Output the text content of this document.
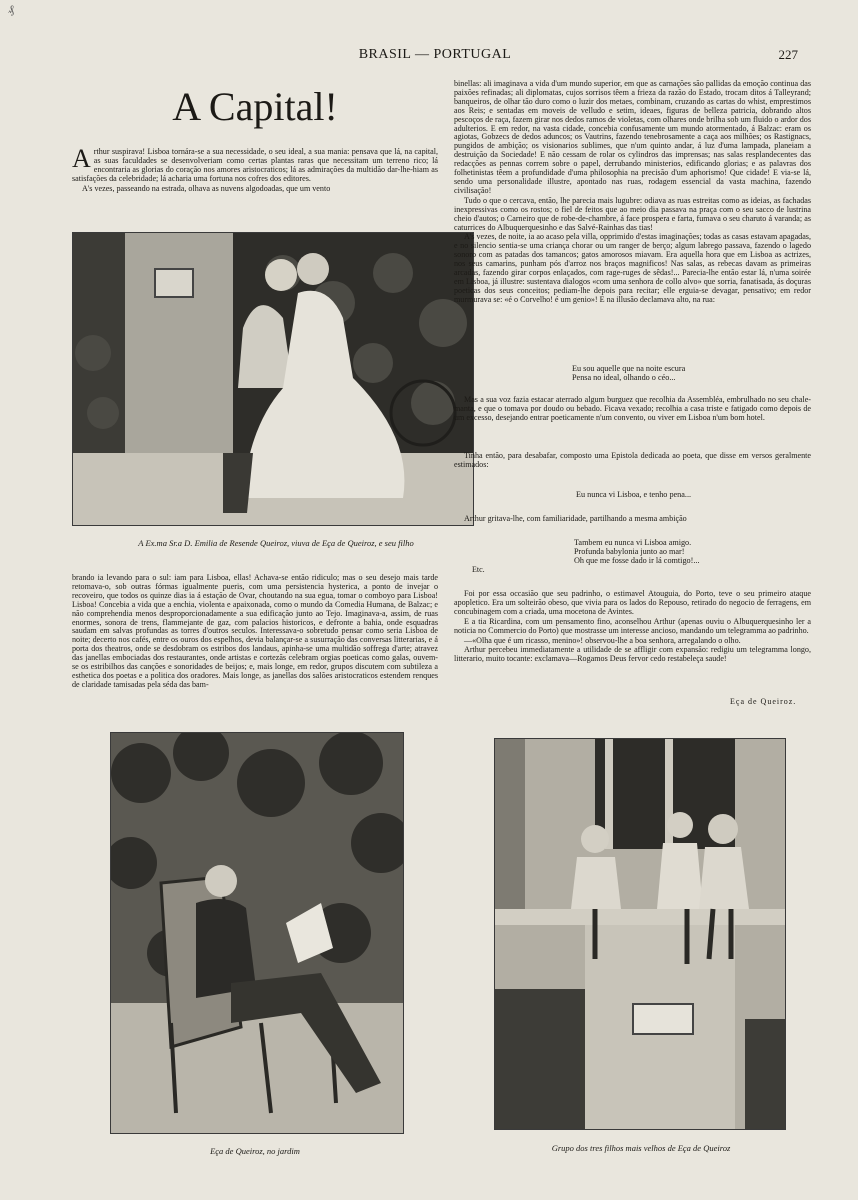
₰
BRASIL — PORTUGAL	227
A Capital!

Arthur suspirava! Lisboa tornára-se a sua necessidade, o seu ideal, a sua mania: pensava que lá, na capital, as suas faculdades se desenvolveriam como certas plantas raras que necessitam um terreno rico; lá encontraria as glorias do coração nos amores aristocraticos; lá as admirações da multidão dar-lhe-hiam as satisfações da celebridade; lá acharia uma fortuna nos cofres dos editores.

A's vezes, passeando na estrada, olhava as nuvens algodoadas, que um vento

A Ex.ma Sr.a D. Emilia de Resende Queiroz, viuva de Eça de Queiroz, e seu filho

binellas: ali imaginava a vida d'um mundo superior, em que as carnações são pallidas da emoção continua das paixões refinadas; ali diplomatas, cujos sorrisos têem a frieza da razão do Estado, trocam ditos á Talleyrand; banqueiros, de olhar tão duro como o luzir dos metaes, combinam, cruzando as cartas do whist, emprestimos aos Reis; e sentadas em moveis de velludo e setim, ideaes, figuras de belleza patricia, dobrando altos pescoços de raça, fazem girar nos dedos ramos de violetas, com olhares onde brilha sob um fluido o ardor dos adulterios. E em redor, na vasta cidade, concebia confusamente um mundo atormentado, á Balzac: eram os agiotas, Gobzecs de dedos aduncos; os Vautrins, fazendo tenebrosamente a caça aos milhões; os Rastignacs, pungidos de ambição; os visionarios sublimes, que n'um quinto andar, á luz d'uma lampada, planeiam a destruição da Sociedade! E não cessam de rolar os cylindros das imprensas; nas salas resplandecentes das redacções as pennas correm sobre o papel, derrubando ministerios, edificando glorias; e as palavras dos folhetinistas têem a profundidade d'uma philosophia na precisão d'um aphorismo! Que cidade! E via-se lá, sendo uma personalidade illustre, apontado nas ruas, rodagem essencial da vasta machina, fazendo civilisação!

Tudo o que o cercava, então, lhe parecia mais lugubre: odiava as ruas estreitas como as ideias, as fachadas inexpressivas como os rostos; o fiel de feitos que ao meio dia passava na praça com o seu sacco de lustrina cheio d'autos; o Carneiro que de robe-de-chambre, á face prospera e farta, fumava o seu charuto á varanda; as caturrices do Albuquerquesinho e das Salvé-Rainhas das tias!

A's vezes, de noite, ia ao acaso pela villa, opprimido d'estas imaginações; todas as casas estavam apagadas, e no silencio sentia-se uma criança chorar ou um ranger de berço; algum labrego passava, fazendo o lagedo sonoro com as patadas dos tamancos; gatos amorosos miavam. Era aquella hora que em Lisboa as actrizes, nos seus camarins, punham pós d'arroz nos braços magnificos! Nas salas, as rebecas davam as primeiras arcadas, fazendo girar corpos enlaçados, com rage-ruges de sêdas!... Parecia-lhe então estar lá, n'uma soirée em Lisboa, já illustre: sustentava dialogos «com uma senhora de collo alvo» que sorria, fanatisada, ás doçuras poeticas dos seus conceitos; pediam-lhe depois para recitar; elle erguia-se devagar, pensativo; em redor murmurava se: «é o Corvelho! é um genio»! E na illusão declamava alto, na rua:

Eu sou aquelle que na noite escura
Pensa no ideal, olhando o céo...

Mas a sua voz fazia estacar aterrado algum burguez que recolhia da Assembléa, embrulhado no seu chale-manta, e que o tomava por doudo ou bebado. Ficava vexado; recolhia a casa triste e fatigado como depois de um excesso, desejando entrar poeticamente n'um convento, ou viver em Lisboa n'um bom hotel.

Tinha então, para desabafar, composto uma Epistola dedicada ao poeta, que disse em versos geralmente estimados:

Eu nunca vi Lisboa, e tenho pena...

Arthur gritava-lhe, com familiaridade, partilhando a mesma ambição

Tambem eu nunca vi Lisboa amigo.
Profunda babylonia junto ao mar!
Oh que me fosse dado ir lá comtigo!...
Etc.

brando ia levando para o sul: iam para Lisboa, ellas! Achava-se então ridiculo; mas o seu desejo mais tarde retomava-o, sob outras fórmas igualmente pueris, com uma persistencia hysterica, a ponto de invejar o recoveiro, que todos os quinze dias ia á estação de Ovar, choutando na sua egua, tomar o comboyo para Lisboa! Lisboa! Concebia a vida que a enchia, violenta e apaixonada, como o mundo da Comedia Humana, de Balzac; e não comprehendia menos desproporcionadamente a sua edificação junto ao Tejo. Imaginava-a, assim, de ruas enormes, sonora de trens, flammejante de gaz, com palacios historicos, e defronte a bahia, onde esquadras saudam em salvas profundas as torres d'outros seculos. Interessava-o sobretudo pensar como seria Lisboa de noite; decerto nos cafés, entre os ouros dos espelhos, devia balançar-se a susurração das conversas litterarias, e á porta dos theatros, onde se desdobram os estribos dos landaus, apinha-se uma multidão soffrega d'arte; atravez das janellas embociadas dos restaurantes, onde artistas e cortezãs celebram orgias poeticas como galas, ouvem-se os estribilhos das canções e sonoridades de beijos; e, mais longe, em redor, grupos discutem com subtileza a esthetica dos poetas e a politica dos oradores. Mais longe, as janellas dos salões aristocraticos estendem renques de claridade tamisadas pela séda das bam-

Foi por essa occasião que seu padrinho, o estimavel Atouguia, do Porto, teve o seu primeiro ataque apopletico. Era um solteirão obeso, que vivia para os lados do Repouso, retirado do negocio de ferragens, em concubinagem com a criada, uma mocetona de Avintes.

E a tia Ricardina, com um pensamento fino, aconselhou Arthur (apenas ouviu o Albuquerquesinho ler a noticia no Commercio do Porto) que mostrasse um interesse ancioso, mandando um telegramma ao padrinho.

—«Olha que é um ricasso, menino»! observou-lhe a boa senhora, arregalando o olho.

Arthur percebeu immediatamente a utilidade de se affligir com expansão: redigiu um telegramma longo, litterario, muito tocante: exclamava—Rogamos Deus fervor cedo restabeleça saude!

Eça de Queiroz.
Eça de Queiroz, no jardim	Grupo dos tres filhos mais velhos de Eça de Queiroz
